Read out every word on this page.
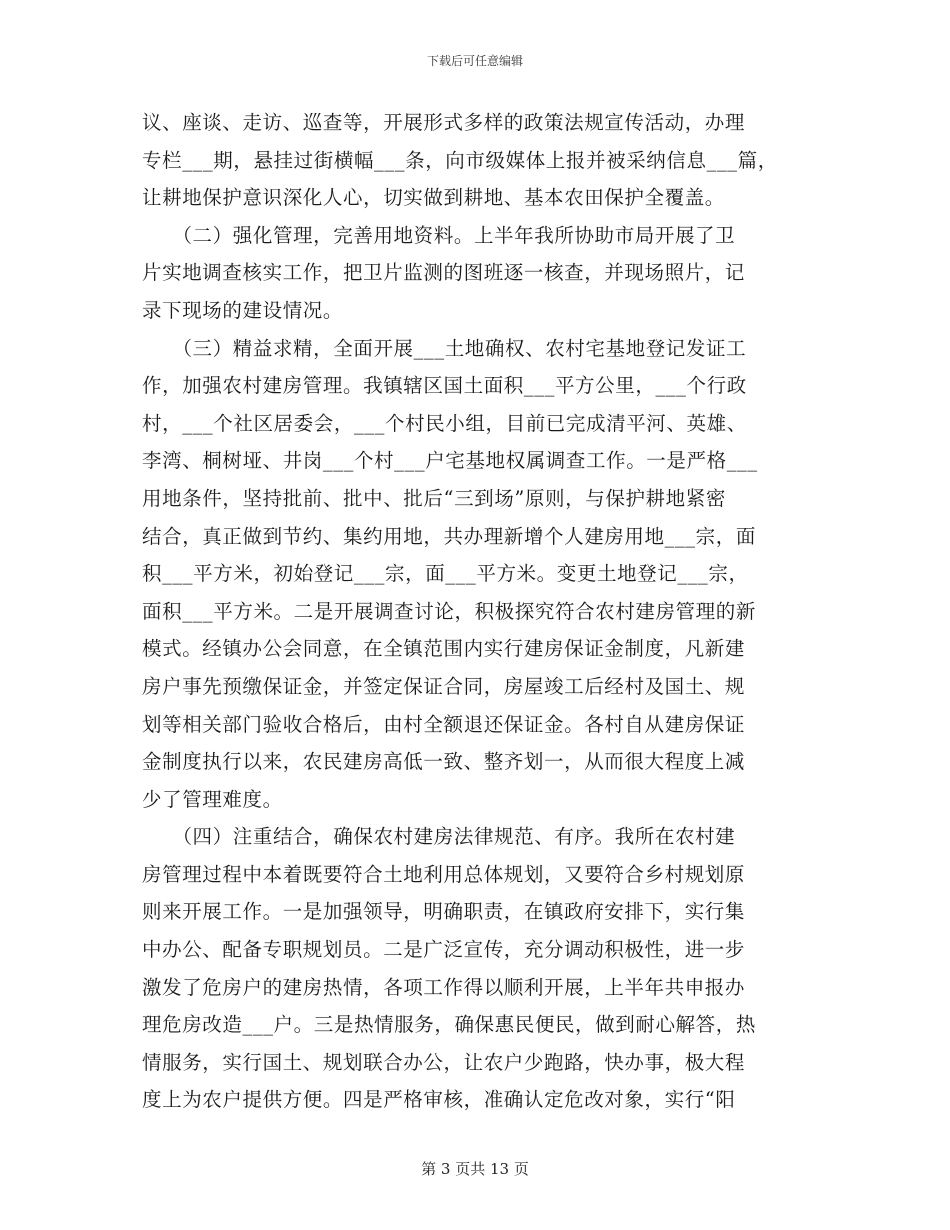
下载后可任意编辑
议、座谈、走访、巡查等，开展形式多样的政策法规宣传活动，办理
专栏___期，悬挂过街横幅___条，向市级媒体上报并被采纳信息___篇，
让耕地保护意识深化人心，切实做到耕地、基本农田保护全覆盖。
　　（二）强化管理，完善用地资料。上半年我所协助市局开展了卫
片实地调查核实工作，把卫片监测的图班逐一核查，并现场照片，记
录下现场的建设情况。
　　（三）精益求精，全面开展___土地确权、农村宅基地登记发证工
作，加强农村建房管理。我镇辖区国土面积___平方公里，___个行政
村，___个社区居委会，___个村民小组，目前已完成清平河、英雄、
李湾、桐树垭、井岗___个村___户宅基地权属调查工作。一是严格___
用地条件，坚持批前、批中、批后“三到场”原则，与保护耕地紧密
结合，真正做到节约、集约用地，共办理新增个人建房用地___宗，面
积___平方米，初始登记___宗，面___平方米。变更土地登记___宗，
面积___平方米。二是开展调查讨论，积极探究符合农村建房管理的新
模式。经镇办公会同意，在全镇范围内实行建房保证金制度，凡新建
房户事先预缴保证金，并签定保证合同，房屋竣工后经村及国土、规
划等相关部门验收合格后，由村全额退还保证金。各村自从建房保证
金制度执行以来，农民建房高低一致、整齐划一，从而很大程度上减
少了管理难度。
　　（四）注重结合，确保农村建房法律规范、有序。我所在农村建
房管理过程中本着既要符合土地利用总体规划，又要符合乡村规划原
则来开展工作。一是加强领导，明确职责，在镇政府安排下，实行集
中办公、配备专职规划员。二是广泛宣传，充分调动积极性，进一步
激发了危房户的建房热情，各项工作得以顺利开展，上半年共申报办
理危房改造___户。三是热情服务，确保惠民便民，做到耐心解答，热
情服务，实行国土、规划联合办公，让农户少跑路，快办事，极大程
度上为农户提供方便。四是严格审核，准确认定危改对象，实行“阳
第 3 页共 13 页
